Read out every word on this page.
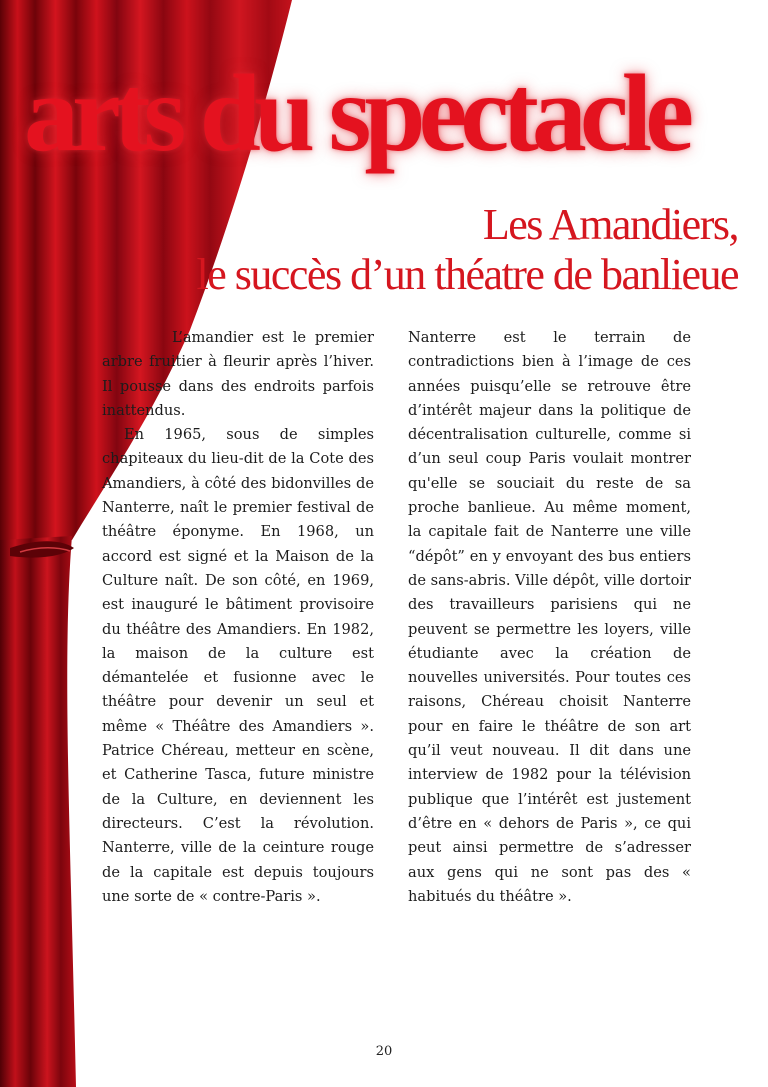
arts du spectacle
Les Amandiers,
le succès d’un théatre de banlieue

L’amandier est le premier arbre fruitier à fleurir après l’hiver. Il pousse dans des endroits parfois inattendus.

En 1965, sous de simples chapiteaux du lieu-dit de la Cote des Amandiers, à côté des bidonvilles de Nanterre, naît le premier festival de théâtre éponyme. En 1968, un accord est signé et la Maison de la Culture naît. De son côté, en 1969, est inauguré le bâtiment provisoire du théâtre des Amandiers. En 1982, la maison de la culture est démantelée et fusionne avec le théâtre pour devenir un seul et même « Théâtre des Amandiers ». Patrice Chéreau, metteur en scène, et Catherine Tasca, future ministre de la Culture, en deviennent les directeurs. C’est la révolution. Nanterre, ville de la ceinture rouge de la capitale est depuis toujours une sorte de « contre-Paris ».

Nanterre est le terrain de contradictions bien à l’image de ces années puisqu’elle se retrouve être d’intérêt majeur dans la politique de décentralisation culturelle, comme si d’un seul coup Paris voulait montrer qu'elle se souciait du reste de sa proche banlieue. Au même moment, la capitale fait de Nanterre une ville “dépôt” en y envoyant des bus entiers de sans-abris. Ville dépôt, ville dortoir des travailleurs parisiens qui ne peuvent se permettre les loyers, ville étudiante avec la création de nouvelles universités. Pour toutes ces raisons, Chéreau choisit Nanterre pour en faire le théâtre de son art qu’il veut nouveau. Il dit dans une interview de 1982 pour la télévision publique que l’intérêt est justement d’être en « dehors de Paris », ce qui peut ainsi permettre de s’adresser aux gens qui ne sont pas des « habitués du théâtre ».

20
